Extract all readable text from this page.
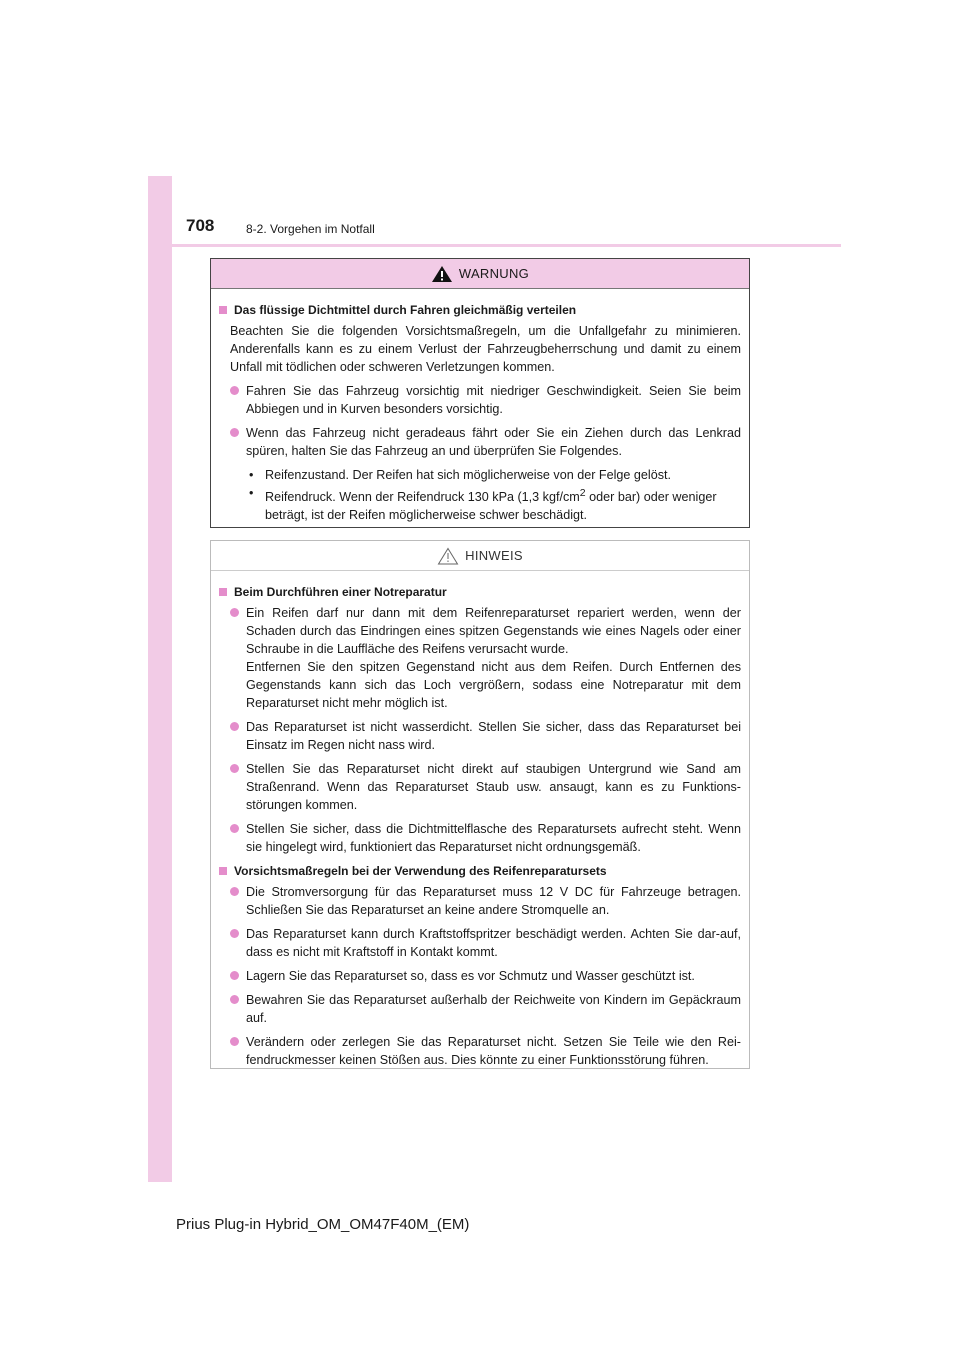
708	8-2. Vorgehen im Notfall
WARNUNG
Das flüssige Dichtmittel durch Fahren gleichmäßig verteilen
Beachten Sie die folgenden Vorsichtsmaßregeln, um die Unfallgefahr zu minimieren. Anderenfalls kann es zu einem Verlust der Fahrzeugbeherrschung und damit zu einem Unfall mit tödlichen oder schweren Verletzungen kommen.
Fahren Sie das Fahrzeug vorsichtig mit niedriger Geschwindigkeit. Seien Sie beim Abbiegen und in Kurven besonders vorsichtig.
Wenn das Fahrzeug nicht geradeaus fährt oder Sie ein Ziehen durch das Lenkrad spüren, halten Sie das Fahrzeug an und überprüfen Sie Folgendes.
• Reifenzustand. Der Reifen hat sich möglicherweise von der Felge gelöst.
• Reifendruck. Wenn der Reifendruck 130 kPa (1,3 kgf/$cm^2$ oder bar) oder weniger beträgt, ist der Reifen möglicherweise schwer beschädigt.
HINWEIS
Beim Durchführen einer Notreparatur
Ein Reifen darf nur dann mit dem Reifenreparaturset repariert werden, wenn der Schaden durch das Eindringen eines spitzen Gegenstands wie eines Nagels oder einer Schraube in die Lauffläche des Reifens verursacht wurde.
Entfernen Sie den spitzen Gegenstand nicht aus dem Reifen. Durch Entfernen des Gegenstands kann sich das Loch vergrößern, sodass eine Notreparatur mit dem Reparaturset nicht mehr möglich ist.
Das Reparaturset ist nicht wasserdicht. Stellen Sie sicher, dass das Reparaturset bei Einsatz im Regen nicht nass wird.
Stellen Sie das Reparaturset nicht direkt auf staubigen Untergrund wie Sand am Straßenrand. Wenn das Reparaturset Staub usw. ansaugt, kann es zu Funktions-störungen kommen.
Stellen Sie sicher, dass die Dichtmittelflasche des Reparatursets aufrecht steht. Wenn sie hingelegt wird, funktioniert das Reparaturset nicht ordnungsgemäß.
Vorsichtsmaßregeln bei der Verwendung des Reifenreparatursets
Die Stromversorgung für das Reparaturset muss 12 V DC für Fahrzeuge betragen. Schließen Sie das Reparaturset an keine andere Stromquelle an.
Das Reparaturset kann durch Kraftstoffspritzer beschädigt werden. Achten Sie dar-auf, dass es nicht mit Kraftstoff in Kontakt kommt.
Lagern Sie das Reparaturset so, dass es vor Schmutz und Wasser geschützt ist.
Bewahren Sie das Reparaturset außerhalb der Reichweite von Kindern im Gepäckraum auf.
Verändern oder zerlegen Sie das Reparaturset nicht. Setzen Sie Teile wie den Rei-fendruckmesser keinen Stößen aus. Dies könnte zu einer Funktionsstörung führen.
Prius Plug-in Hybrid_OM_OM47F40M_(EM)
